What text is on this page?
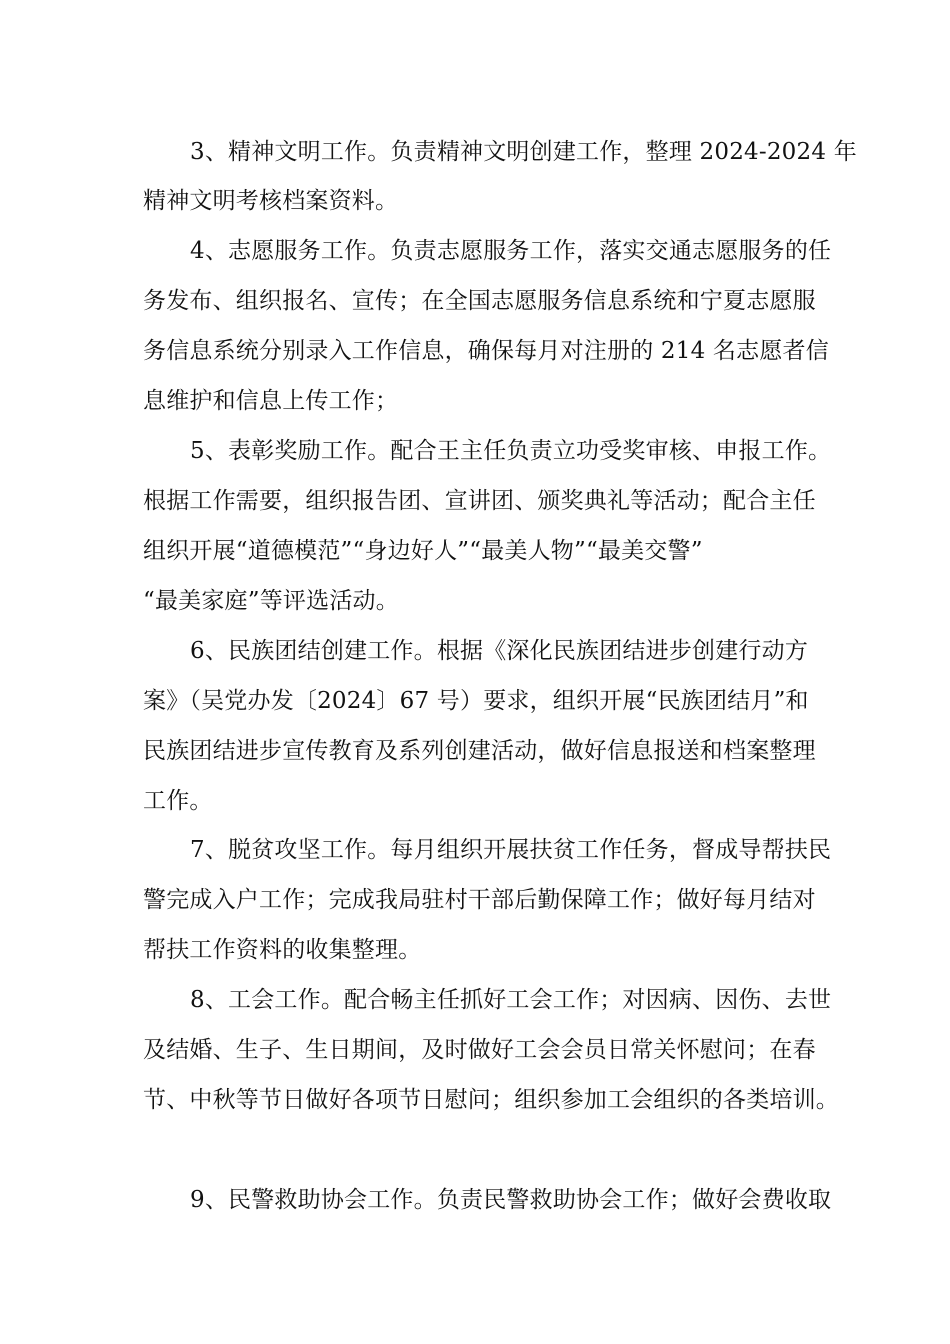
3、精神文明工作。负责精神文明创建工作，整理 2024-2024 年
精神文明考核档案资料。
4、志愿服务工作。负责志愿服务工作，落实交通志愿服务的任
务发布、组织报名、宣传；在全国志愿服务信息系统和宁夏志愿服
务信息系统分别录入工作信息，确保每月对注册的 214 名志愿者信
息维护和信息上传工作；
5、表彰奖励工作。配合王主任负责立功受奖审核、申报工作。
根据工作需要，组织报告团、宣讲团、颁奖典礼等活动；配合主任
组织开展“道德模范”“身边好人”“最美人物”“最美交警”
“最美家庭”等评选活动。
6、民族团结创建工作。根据《深化民族团结进步创建行动方
案》（吴党办发〔2024〕67 号）要求，组织开展“民族团结月”和
民族团结进步宣传教育及系列创建活动，做好信息报送和档案整理
工作。
7、脱贫攻坚工作。每月组织开展扶贫工作任务，督成导帮扶民
警完成入户工作；完成我局驻村干部后勤保障工作；做好每月结对
帮扶工作资料的收集整理。
8、工会工作。配合畅主任抓好工会工作；对因病、因伤、去世
及结婚、生子、生日期间，及时做好工会会员日常关怀慰问；在春
节、中秋等节日做好各项节日慰问；组织参加工会组织的各类培训。
9、民警救助协会工作。负责民警救助协会工作；做好会费收取
